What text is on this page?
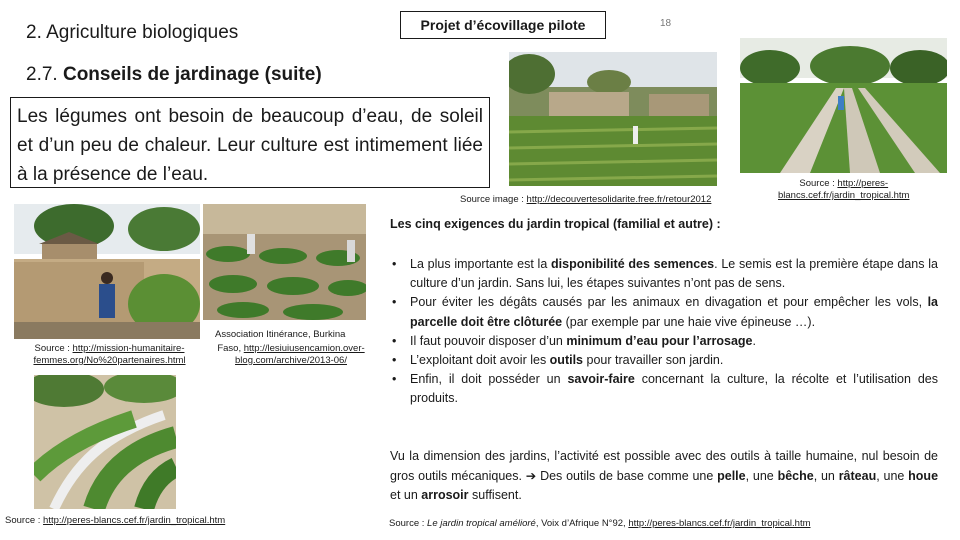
2. Agriculture biologiques	Projet d’écovillage pilote	18
2.7. Conseils de jardinage (suite)
Les légumes ont besoin de beaucoup d’eau, de soleil et d’un peu de chaleur. Leur culture est intimement liée à la présence de l’eau.
Source image : http://decouvertesolidarite.free.fr/retour2012
Source : http://peres-
blancs.cef.fr/jardin_tropical.htm
Association Itinérance, Burkina
Source : http://mission-humanitaire-
femmes.org/No%20partenaires.html
Faso, http://lesiuiusencamion.over-
blog.com/archive/2013-06/
Source : http://peres-blancs.cef.fr/jardin_tropical.htm
Les cinq exigences du jardin tropical (familial et autre) :
• La plus importante est la disponibilité des semences. Le semis est la première étape dans la culture d’un jardin. Sans lui, les étapes suivantes n’ont pas de sens.
• Pour éviter les dégâts causés par les animaux en divagation et pour empêcher les vols, la parcelle doit être clôturée (par exemple par une haie vive épineuse …).
• Il faut pouvoir disposer d’un minimum d’eau pour l’arrosage.
• L’exploitant doit avoir les outils pour travailler son jardin.
• Enfin, il doit posséder un savoir-faire concernant la culture, la récolte et l’utilisation des produits.
Vu la dimension des jardins, l’activité est possible avec des outils à taille humaine, nul besoin de gros outils mécaniques. ➔ Des outils de base comme une pelle, une bêche, un râteau, une houe et un arrosoir suffisent.
Source : Le jardin tropical amélioré, Voix d’Afrique N°92, http://peres-blancs.cef.fr/jardin_tropical.htm
